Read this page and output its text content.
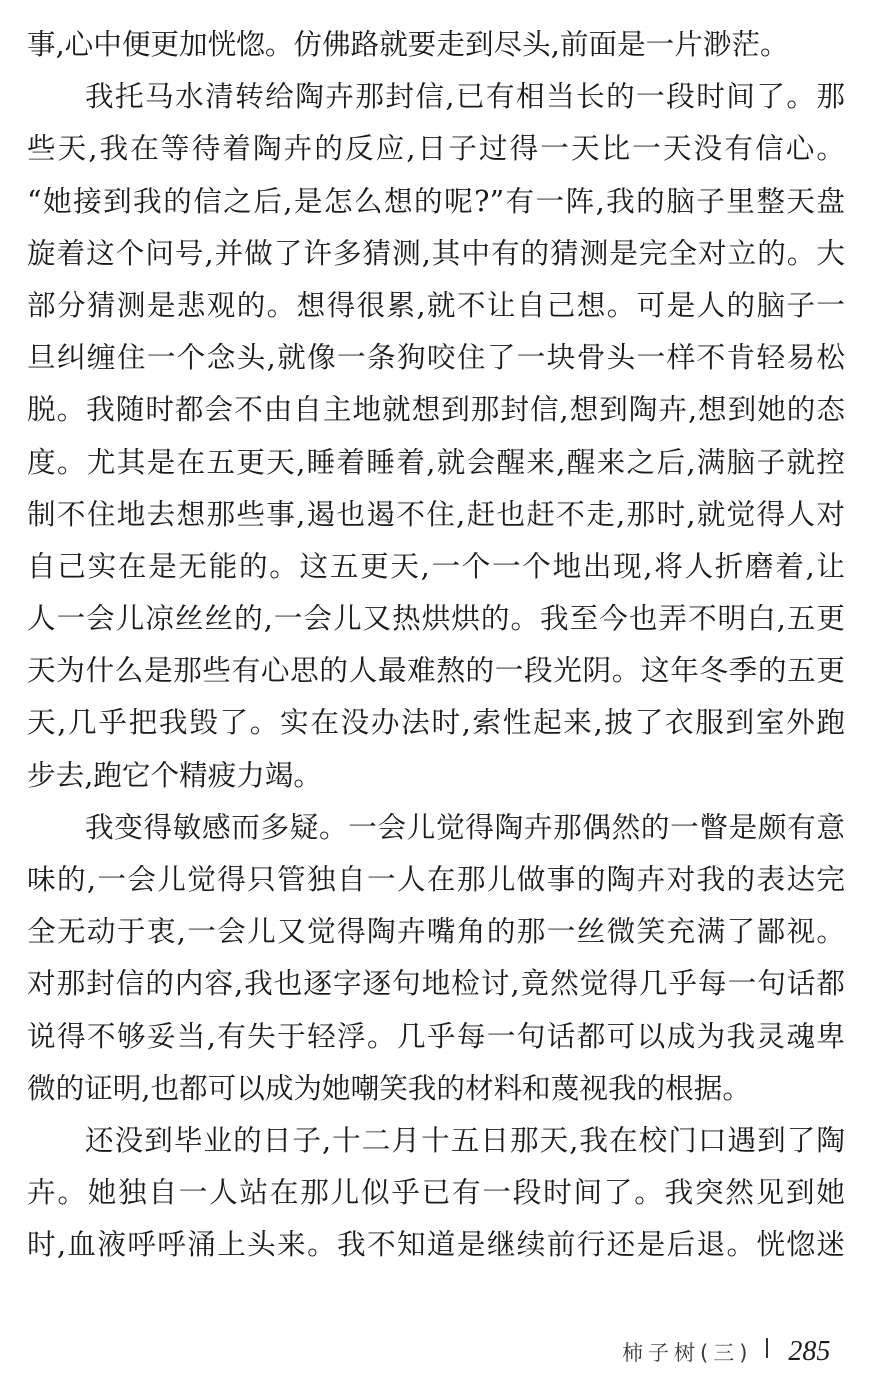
事,心中便更加恍惚。仿佛路就要走到尽头,前面是一片渺茫。
我托马水清转给陶卉那封信,已有相当长的一段时间了。那
些天,我在等待着陶卉的反应,日子过得一天比一天没有信心。
“她接到我的信之后,是怎么想的呢?”有一阵,我的脑子里整天盘
旋着这个问号,并做了许多猜测,其中有的猜测是完全对立的。大
部分猜测是悲观的。想得很累,就不让自己想。可是人的脑子一
旦纠缠住一个念头,就像一条狗咬住了一块骨头一样不肯轻易松
脱。我随时都会不由自主地就想到那封信,想到陶卉,想到她的态
度。尤其是在五更天,睡着睡着,就会醒来,醒来之后,满脑子就控
制不住地去想那些事,遏也遏不住,赶也赶不走,那时,就觉得人对
自己实在是无能的。这五更天,一个一个地出现,将人折磨着,让
人一会儿凉丝丝的,一会儿又热烘烘的。我至今也弄不明白,五更
天为什么是那些有心思的人最难熬的一段光阴。这年冬季的五更
天,几乎把我毁了。实在没办法时,索性起来,披了衣服到室外跑
步去,跑它个精疲力竭。
我变得敏感而多疑。一会儿觉得陶卉那偶然的一瞥是颇有意
味的,一会儿觉得只管独自一人在那儿做事的陶卉对我的表达完
全无动于衷,一会儿又觉得陶卉嘴角的那一丝微笑充满了鄙视。
对那封信的内容,我也逐字逐句地检讨,竟然觉得几乎每一句话都
说得不够妥当,有失于轻浮。几乎每一句话都可以成为我灵魂卑
微的证明,也都可以成为她嘲笑我的材料和蔑视我的根据。
还没到毕业的日子,十二月十五日那天,我在校门口遇到了陶
卉。她独自一人站在那儿似乎已有一段时间了。我突然见到她
时,血液呼呼涌上头来。我不知道是继续前行还是后退。恍惚迷
柿子树(三) 285
